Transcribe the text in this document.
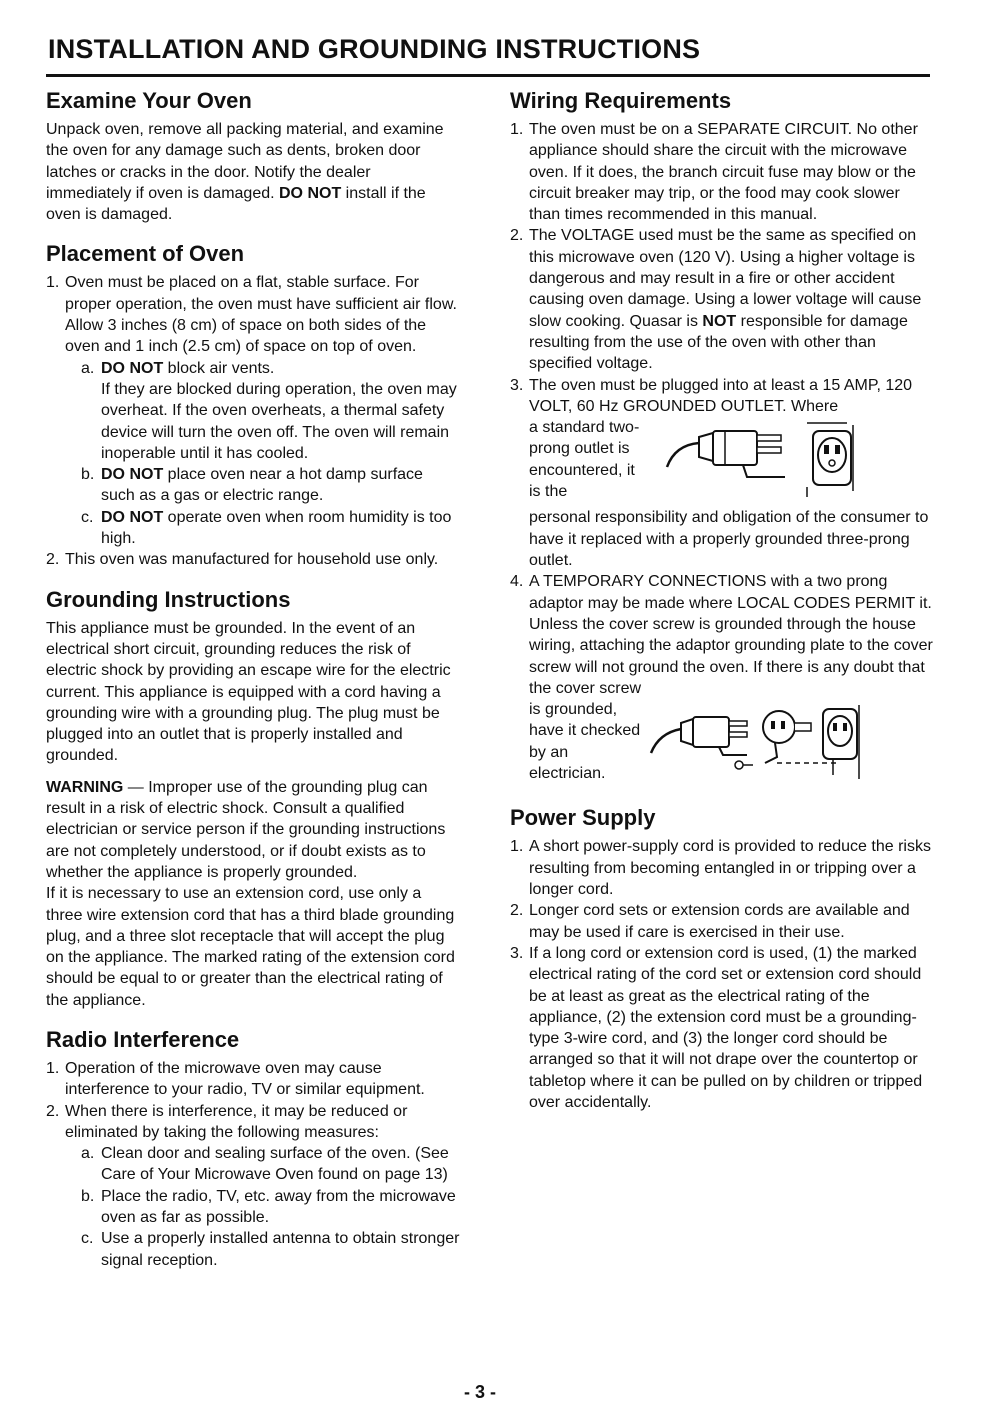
INSTALLATION AND GROUNDING INSTRUCTIONS
Examine Your Oven

Unpack oven, remove all packing material, and examine the oven for any damage such as dents, broken door latches or cracks in the door. Notify the dealer immediately if oven is damaged. DO NOT install if the oven is damaged.

Placement of Oven
1. Oven must be placed on a flat, stable surface. For proper operation, the oven must have sufficient air flow. Allow 3 inches (8 cm) of space on both sides of the oven and 1 inch (2.5 cm) of space on top of oven.
a. DO NOT block air vents.
If they are blocked during operation, the oven may overheat. If the oven overheats, a thermal safety device will turn the oven off. The oven will remain inoperable until it has cooled.
b. DO NOT place oven near a hot damp surface such as a gas or electric range.
c. DO NOT operate oven when room humidity is too high.
2. This oven was manufactured for household use only.
Grounding Instructions

This appliance must be grounded. In the event of an electrical short circuit, grounding reduces the risk of electric shock by providing an escape wire for the electric current. This appliance is equipped with a cord having a grounding wire with a grounding plug. The plug must be plugged into an outlet that is properly installed and grounded.

WARNING — Improper use of the grounding plug can result in a risk of electric shock. Consult a qualified electrician or service person if the grounding instructions are not completely understood, or if doubt exists as to whether the appliance is properly grounded.

If it is necessary to use an extension cord, use only a three wire extension cord that has a third blade grounding plug, and a three slot receptacle that will accept the plug on the appliance. The marked rating of the extension cord should be equal to or greater than the electrical rating of the appliance.

Radio Interference
1. Operation of the microwave oven may cause interference to your radio, TV or similar equipment.
2. When there is interference, it may be reduced or eliminated by taking the following measures:
a. Clean door and sealing surface of the oven. (See Care of Your Microwave Oven found on page 13)
b. Place the radio, TV, etc. away from the microwave oven as far as possible.
c. Use a properly installed antenna to obtain stronger signal reception.
Wiring Requirements
1. The oven must be on a SEPARATE CIRCUIT. No other appliance should share the circuit with the microwave oven. If it does, the branch circuit fuse may blow or the circuit breaker may trip, or the food may cook slower than times recommended in this manual.
2. The VOLTAGE used must be the same as specified on this microwave oven (120 V). Using a higher voltage is dangerous and may result in a fire or other accident causing oven damage. Using a lower voltage will cause slow cooking. Quasar is NOT responsible for damage resulting from the use of the oven with other than specified voltage.
3. The oven must be plugged into at least a 15 AMP, 120 VOLT, 60 Hz GROUNDED OUTLET. Where
a standard two-prong outlet is encountered, it is the
personal responsibility and obligation of the consumer to have it replaced with a properly grounded three-prong outlet.
4. A TEMPORARY CONNECTIONS with a two prong adaptor may be made where LOCAL CODES PERMIT it. Unless the cover screw is grounded through the house wiring, attaching the adaptor grounding plate to the cover screw will not ground the oven. If there is any doubt that the cover screw
is grounded, have it checked by an electrician.
Power Supply
1. A short power-supply cord is provided to reduce the risks resulting from becoming entangled in or tripping over a longer cord.
2. Longer cord sets or extension cords are available and may be used if care is exercised in their use.
3. If a long cord or extension cord is used, (1) the marked electrical rating of the cord set or extension cord should be at least as great as the electrical rating of the appliance, (2) the extension cord must be a grounding-type 3-wire cord, and (3) the longer cord should be arranged so that it will not drape over the countertop or tabletop where it can be pulled on by children or tripped over accidentally.
- 3 -
